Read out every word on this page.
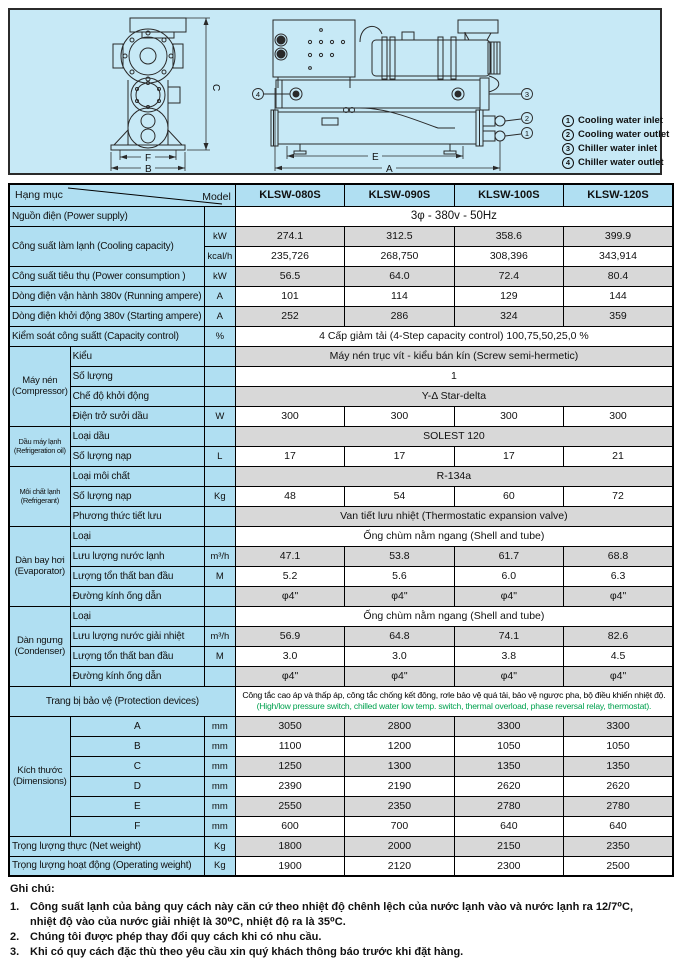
C
F
B
4	3
2
1
E
A
1 Cooling water inlet
2 Cooling water outlet
3 Chiller water inlet
4 Chiller water outlet
Hạng mục Model			KLSW-080S	KLSW-090S	KLSW-100S	KLSW-120S
Nguồn điện (Power supply)			3φ - 380v - 50Hz			
Công suất làm lạnh (Cooling capacity)		kW	274.1	312.5	358.6	399.9
		kcal/h	235,726	268,750	308,396	343,914
Công suất tiêu thụ (Power consumption )		kW	56.5	64.0	72.4	80.4
Dòng điện vận hành 380v (Running ampere)		A	101	114	129	144
Dòng điện khởi động 380v (Starting ampere)		A	252	286	324	359
Kiểm soát công suấtt (Capacity control)		%	4 Cấp giảm tải (4-Step capacity control) 100,75,50,25,0 %			
Máy nén (Compressor)	Kiểu		Máy nén trục vít - kiểu bán kín (Screw semi-hermetic)			
	Số lượng		1			
	Chế độ khởi động		Y-Δ Star-delta			
	Điện trở sưởi dầu	W	300	300	300	300
Dầu máy lạnh (Refrigeration oil)	Loại dầu		SOLEST 120			
	Số lượng nạp	L	17	17	17	21
Môi chất lạnh (Refrigerant)	Loại môi chất		R-134a			
	Số lượng nạp	Kg	48	54	60	72
	Phương thức tiết lưu		Van tiết lưu nhiệt (Thermostatic expansion valve)			
Dàn bay hơi (Evaporator)	Loại		Ống chùm nằm ngang (Shell and tube)			
	Lưu lượng nước lạnh	m³/h	47.1	53.8	61.7	68.8
	Lượng tổn thất ban đầu	M	5.2	5.6	6.0	6.3
	Đường kính ống dẫn		φ4"	φ4"	φ4"	φ4"
Dàn ngưng (Condenser)	Loại		Ống chùm nằm ngang (Shell and tube)			
	Lưu lượng nước giải nhiệt	m³/h	56.9	64.8	74.1	82.6
	Lượng tổn thất ban đầu	M	3.0	3.0	3.8	4.5
	Đường kính ống dẫn		φ4"	φ4"	φ4"	φ4"
Trang bị bảo vệ (Protection devices)			Công tắc cao áp và thấp áp, công tắc chống kết đông, rơle bảo vệ quá tải, bảo vệ ngược pha, bộ điều khiển nhiệt độ.
(High/low pressure switch, chilled water low temp. switch, thermal overload, phase reversal relay, thermostat).			

Kích thước (Dimensions)	A	mm	3050	2800	3300	3300
	B	mm	1100	1200	1050	1050
	C	mm	1250	1300	1350	1350
	D	mm	2390	2190	2620	2620
	E	mm	2550	2350	2780	2780
	F	mm	600	700	640	640
Trọng lượng thực (Net weight)		Kg	1800	2000	2150	2350
Trọng lượng hoạt động (Operating weight)		Kg	1900	2120	2300	2500
Ghi chú:
1. Công suất lạnh của bảng quy cách này căn cứ theo nhiệt độ chênh lệch của nước lạnh vào và nước lạnh ra 12/7⁰C, nhiệt độ vào của nước giải nhiệt là 30⁰C, nhiệt độ ra là 35⁰C.
2. Chúng tôi được phép thay đổi quy cách khi có nhu cầu.
3. Khi có quy cách đặc thù theo yêu cầu xin quý khách thông báo trước khi đặt hàng.
